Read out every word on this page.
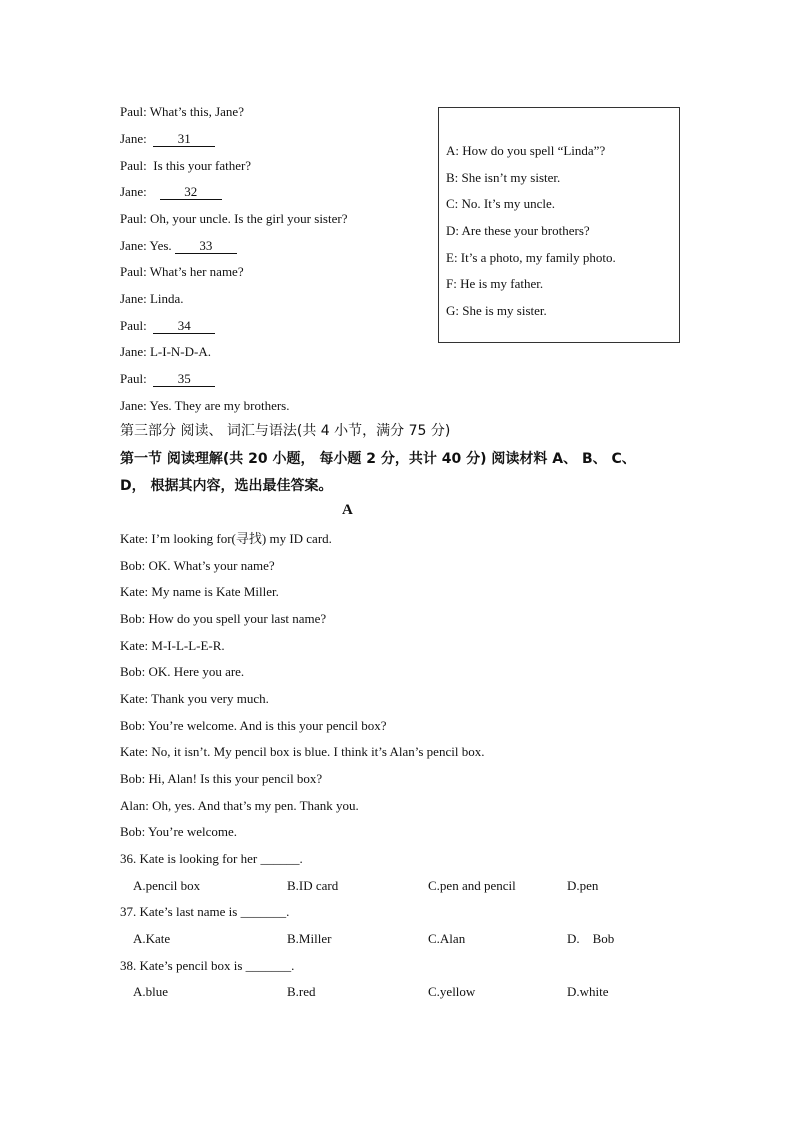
Paul: What’s this, Jane?
Jane: 31
Paul: Is this your father?
Jane:	32
Paul: Oh, your uncle. Is the girl your sister?
Jane: Yes. 33
Paul: What’s her name?
Jane: Linda.
Paul: 34
Jane: L-I-N-D-A.
Paul: 35
Jane: Yes. They are my brothers.
A: How do you spell “Linda”?
B: She isn’t my sister.
C: No. It’s my uncle.
D: Are these your brothers?
E: It’s a photo, my family photo.
F: He is my father.
G: She is my sister.
第三部分 阅读、 词汇与语法(共 4 小节，满分 75 分)
第一节 阅读理解(共 20 小题， 每小题 2 分，共计 40 分) 阅读材料 A、 B、 C、
D， 根据其内容，选出最佳答案。
A
Kate: I’m looking for(寻找) my ID card.
Bob: OK. What’s your name?
Kate: My name is Kate Miller.
Bob: How do you spell your last name?
Kate: M-I-L-L-E-R.
Bob: OK. Here you are.
Kate: Thank you very much.
Bob: You’re welcome. And is this your pencil box?
Kate: No, it isn’t. My pencil box is blue. I think it’s Alan’s pencil box.
Bob: Hi, Alan! Is this your pencil box?
Alan: Oh, yes. And that’s my pen. Thank you.
Bob: You’re welcome.
36. Kate is looking for her ______.
A.pencil box	B.ID card	C.pen and pencil	D.pen
37. Kate’s last name is _______.
A.Kate	B.Miller	C.Alan	D.    Bob
38. Kate’s pencil box is _______.
A.blue	B.red	C.yellow	D.white
